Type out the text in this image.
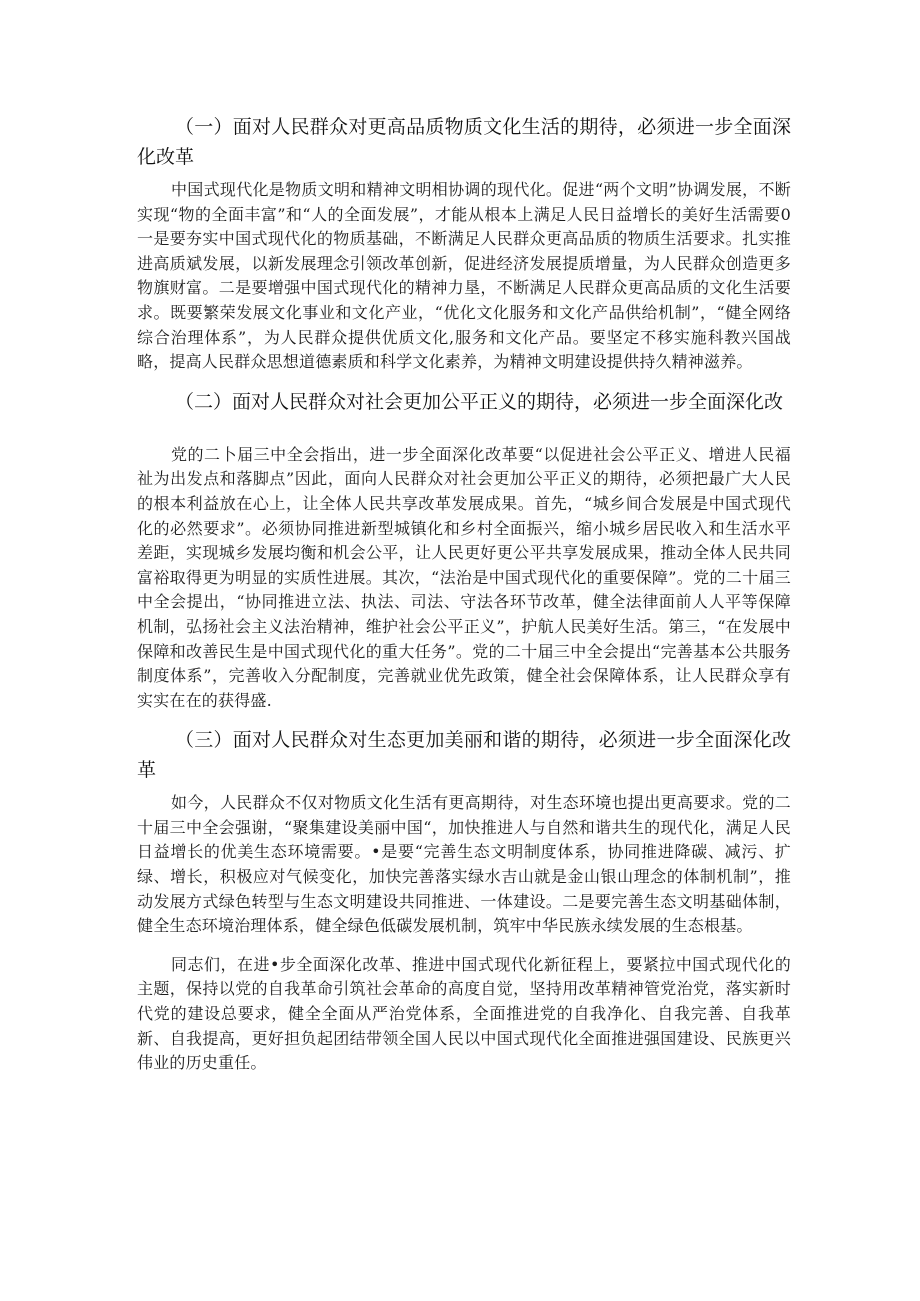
（一）面对人民群众对更高品质物质文化生活的期待，必须进一步全面深化改革

中国式现代化是物质文明和精神文明相协调的现代化。促进“两个文明”协调发展，不断实现“物的全面丰富”和“人的全面发展”，才能从根本上满足人民日益增长的美好生活需要0一是要夯实中国式现代化的物质基础，不断满足人民群众更高品质的物质生活要求。扎实推进高质斌发展，以新发展理念引领改革创新，促进经济发展提质增量，为人民群众创造更多物旗财富。二是要增强中国式现代化的精神力垦，不断满足人民群众更高品质的文化生活要求。既要繁荣发展文化事业和文化产业，“优化文化服务和文化产品供给机制”，“健全网络综合治理体系”，为人民群众提供优质文化,服务和文化产品。要坚定不移实施科教兴国战略，提高人民群众思想道德素质和科学文化素养，为精神文明建设提供持久精神滋养。

（二）面对人民群众对社会更加公平正义的期待，必须进一步全面深化改

党的二卜届三中全会指出，进一步全面深化改革要“以促进社会公平正义、增进人民福祉为出发点和落脚点”因此，面向人民群众对社会更加公平正义的期待，必须把最广大人民的根本利益放在心上，让全体人民共享改革发展成果。首先，“城乡间合发展是中国式现代化的必然要求”。必须协同推进新型城镇化和乡村全面振兴，缩小城乡居民收入和生活水平差距，实现城乡发展均衡和机会公平，让人民更好更公平共享发展成果，推动全体人民共同富裕取得更为明显的实质性进展。其次，“法治是中国式现代化的重要保障”。党的二十届三中全会提出，“协同推进立法、执法、司法、守法各环节改革，健全法律面前人人平等保障机制，弘扬社会主义法治精神，维护社会公平正义”，护航人民美好生活。第三，“在发展中保障和改善民生是中国式现代化的重大任务”。党的二十届三中全会提出“完善基本公共服务制度体系”，完善收入分配制度，完善就业优先政策，健全社会保障体系，让人民群众享有实实在在的获得盛.

（三）面对人民群众对生态更加美丽和谐的期待，必须进一步全面深化改革

如今，人民群众不仅对物质文化生活有更高期待，对生态环境也提出更高要求。党的二十届三中全会强谢，“聚集建设美丽中国“，加快推进人与自然和谐共生的现代化，满足人民日益增长的优美生态环境需要。•是要“完善生态文明制度体系，协同推进降碳、减污、扩绿、增长，积极应对气候变化，加快完善落实绿水吉山就是金山银山理念的体制机制”，推动发展方式绿色转型与生态文明建设共同推进、一体建设。二是要完善生态文明基础体制，健全生态环境治理体系，健全绿色低碳发展机制，筑牢中华民族永续发展的生态根基。

同志们，在进•步全面深化改革、推进中国式现代化新征程上，要紧拉中国式现代化的主题，保持以党的自我革命引筑社会革命的高度自觉，坚持用改革精神管党治党，落实新时代党的建设总要求，健全全面从严治党体系，全面推进党的自我净化、自我完善、自我革新、自我提高，更好担负起团结带领全国人民以中国式现代化全面推进强国建设、民族更兴伟业的历史重任。
